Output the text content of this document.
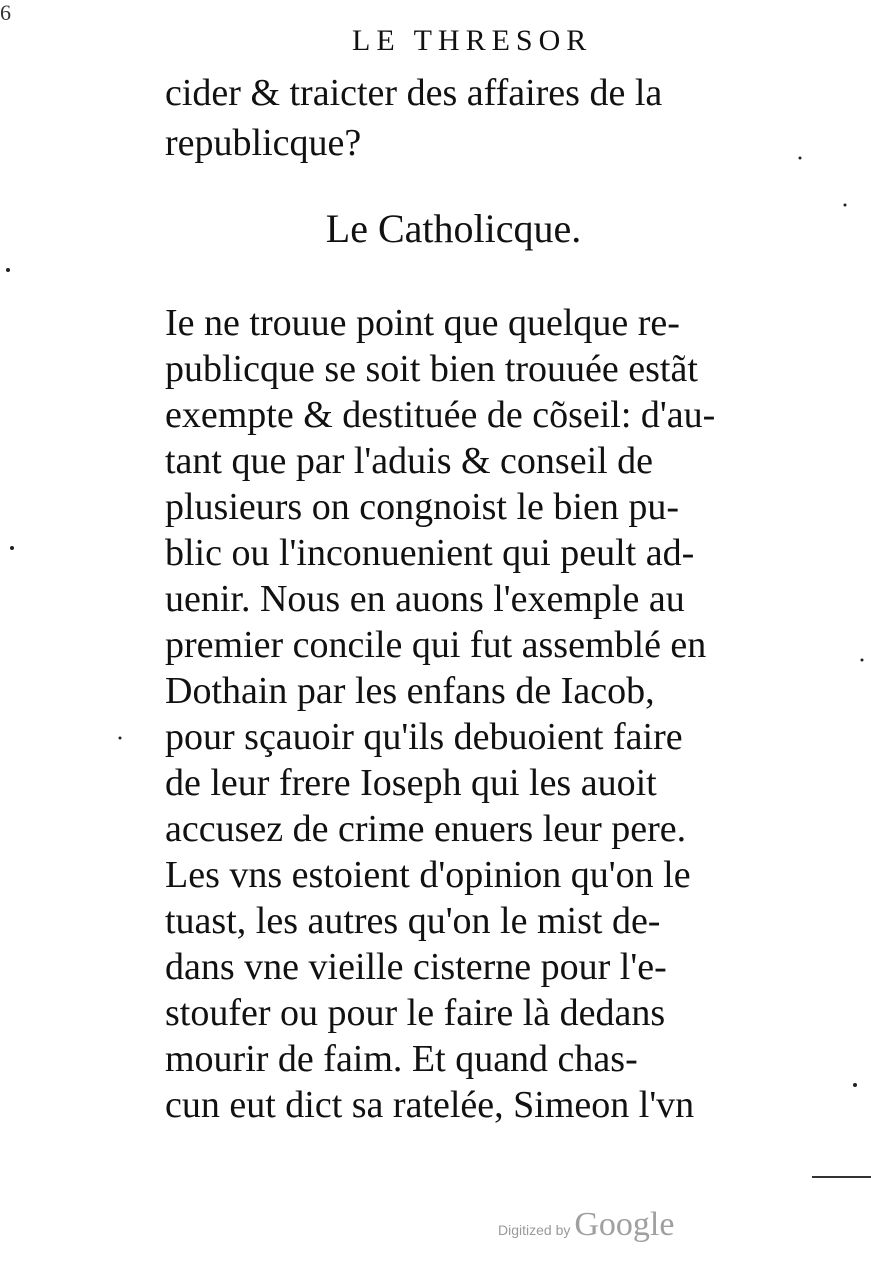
6
LE THRESOR
cider & traicter des affaires de la
republicque?
Le Catholicque.
Ie ne trouue point que quelque re-
publicque se soit bien trouuée estãt
exempte & destituée de cõseil: d'au-
tant que par l'aduis & conseil de
plusieurs on congnoist le bien pu-
blic ou l'inconuenient qui peult ad-
uenir. Nous en auons l'exemple au
premier concile qui fut assemblé en
Dothain par les enfans de Iacob,
pour sçauoir qu'ils debuoient faire
de leur frere Ioseph qui les auoit
accusez de crime enuers leur pere.
Les vns estoient d'opinion qu'on le
tuast, les autres qu'on le mist de-
dans vne vieille cisterne pour l'e-
stoufer ou pour le faire là dedans
mourir de faim. Et quand chas-
cun eut dict sa ratelée, Simeon l'vn
Digitized by Google
